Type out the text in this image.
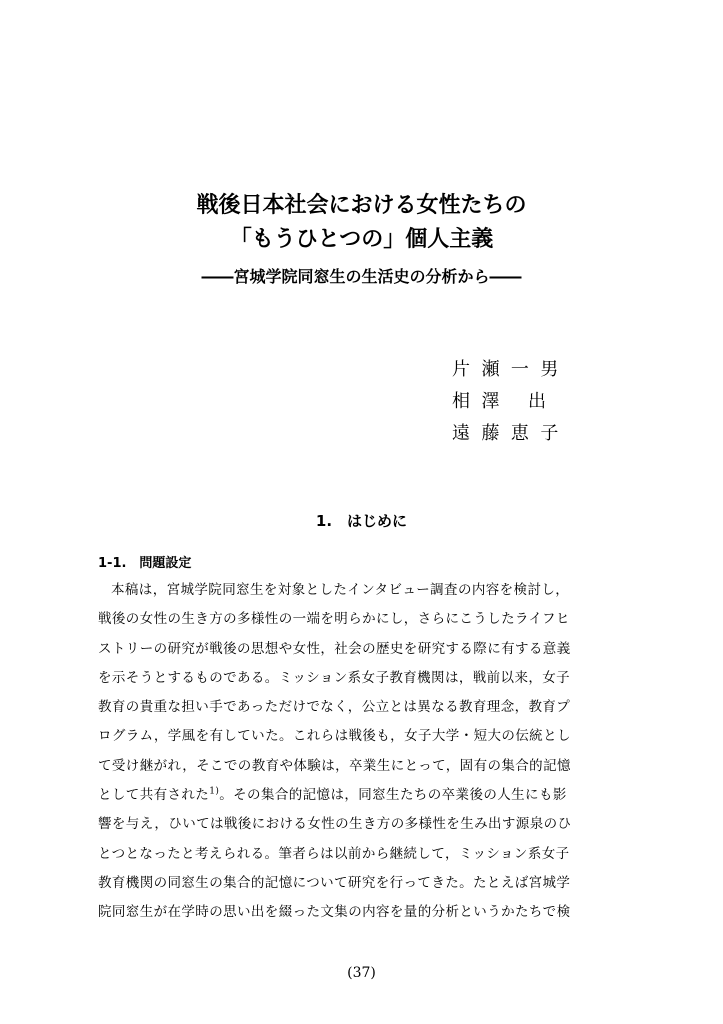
戦後日本社会における女性たちの
「もうひとつの」個人主義
――宮城学院同窓生の生活史の分析から――
片  瀬  一  男
相  澤     出
遠  藤  恵  子
1.　はじめに
1-1.　問題設定
本稿は，宮城学院同窓生を対象としたインタビュー調査の内容を検討し，
戦後の女性の生き方の多様性の一端を明らかにし，さらにこうしたライフヒ
ストリーの研究が戦後の思想や女性，社会の歴史を研究する際に有する意義
を示そうとするものである。ミッション系女子教育機関は，戦前以来，女子
教育の貴重な担い手であっただけでなく，公立とは異なる教育理念，教育プ
ログラム，学風を有していた。これらは戦後も，女子大学・短大の伝統とし
て受け継がれ，そこでの教育や体験は，卒業生にとって，固有の集合的記憶
として共有された$^{1)}$。その集合的記憶は，同窓生たちの卒業後の人生にも影
響を与え，ひいては戦後における女性の生き方の多様性を生み出す源泉のひ
とつとなったと考えられる。筆者らは以前から継続して，ミッション系女子
教育機関の同窓生の集合的記憶について研究を行ってきた。たとえば宮城学
院同窓生が在学時の思い出を綴った文集の内容を量的分析というかたちで検
(37)
